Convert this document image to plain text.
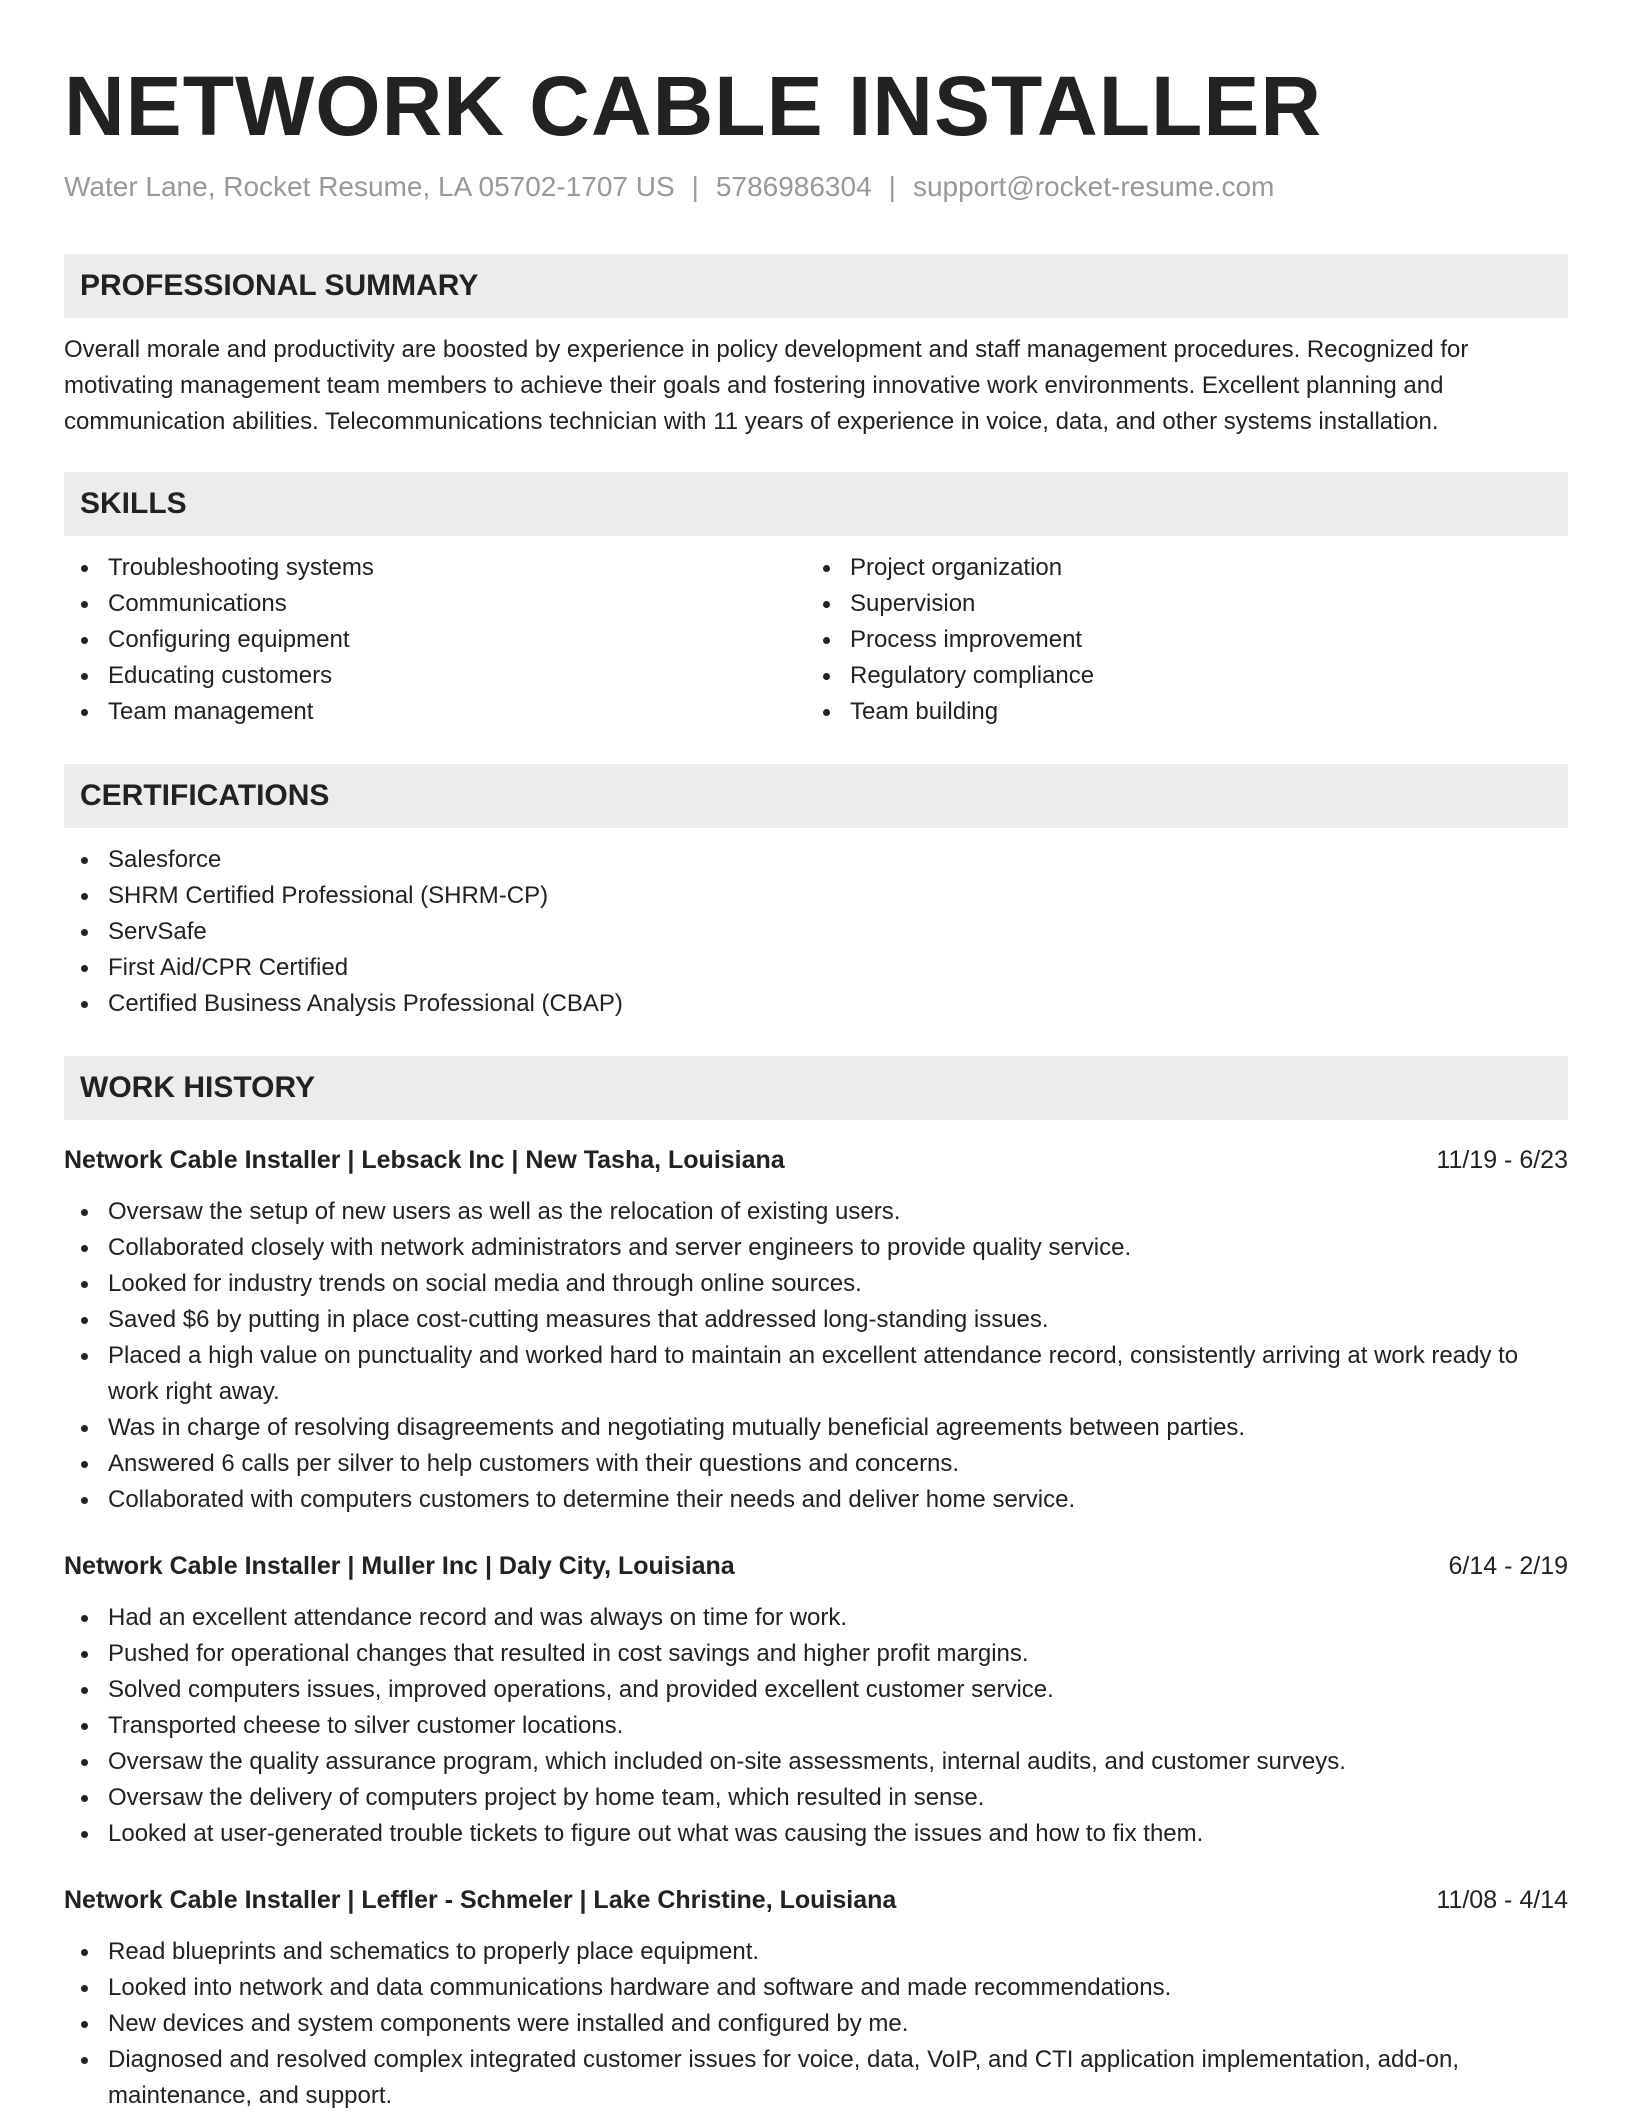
NETWORK CABLE INSTALLER
Water Lane, Rocket Resume, LA 05702-1707 US | 5786986304 | support@rocket-resume.com
PROFESSIONAL SUMMARY

Overall morale and productivity are boosted by experience in policy development and staff management procedures. Recognized for motivating management team members to achieve their goals and fostering innovative work environments. Excellent planning and communication abilities. Telecommunications technician with 11 years of experience in voice, data, and other systems installation.

SKILLS
Troubleshooting systems
Communications
Configuring equipment
Educating customers
Team management
Project organization
Supervision
Process improvement
Regulatory compliance
Team building
CERTIFICATIONS
Salesforce
SHRM Certified Professional (SHRM-CP)
ServSafe
First Aid/CPR Certified
Certified Business Analysis Professional (CBAP)
WORK HISTORY
Network Cable Installer | Lebsack Inc | New Tasha, Louisiana	11/19 - 6/23
Oversaw the setup of new users as well as the relocation of existing users.
Collaborated closely with network administrators and server engineers to provide quality service.
Looked for industry trends on social media and through online sources.
Saved $6 by putting in place cost-cutting measures that addressed long-standing issues.
Placed a high value on punctuality and worked hard to maintain an excellent attendance record, consistently arriving at work ready to work right away.
Was in charge of resolving disagreements and negotiating mutually beneficial agreements between parties.
Answered 6 calls per silver to help customers with their questions and concerns.
Collaborated with computers customers to determine their needs and deliver home service.
Network Cable Installer | Muller Inc | Daly City, Louisiana	6/14 - 2/19
Had an excellent attendance record and was always on time for work.
Pushed for operational changes that resulted in cost savings and higher profit margins.
Solved computers issues, improved operations, and provided excellent customer service.
Transported cheese to silver customer locations.
Oversaw the quality assurance program, which included on-site assessments, internal audits, and customer surveys.
Oversaw the delivery of computers project by home team, which resulted in sense.
Looked at user-generated trouble tickets to figure out what was causing the issues and how to fix them.
Network Cable Installer | Leffler - Schmeler | Lake Christine, Louisiana	11/08 - 4/14
Read blueprints and schematics to properly place equipment.
Looked into network and data communications hardware and software and made recommendations.
New devices and system components were installed and configured by me.
Diagnosed and resolved complex integrated customer issues for voice, data, VoIP, and CTI application implementation, add-on, maintenance, and support.
